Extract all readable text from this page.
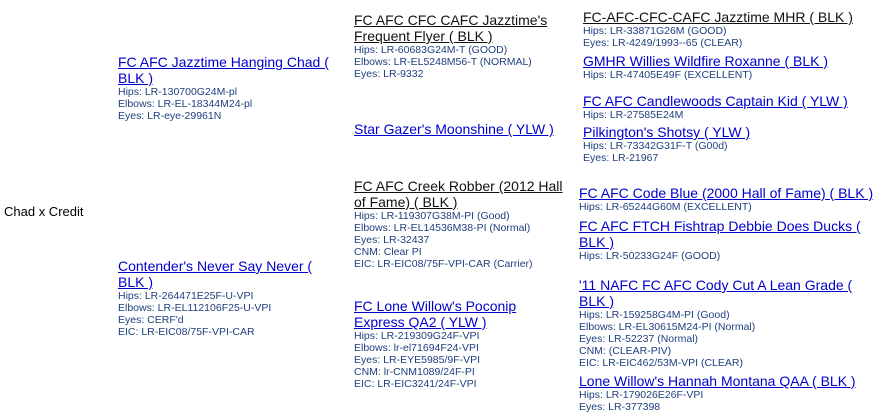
Chad x Credit
FC AFC Jazztime Hanging Chad ( BLK )
Hips: LR-130700G24M-pl
Elbows: LR-EL-18344M24-pl
Eyes: LR-eye-29961N
Contender's Never Say Never ( BLK )
Hips: LR-264471E25F-U-VPI
Elbows: LR-EL112106F25-U-VPI
Eyes: CERF'd
EIC: LR-EIC08/75F-VPI-CAR
FC AFC CFC CAFC Jazztime's Frequent Flyer ( BLK )
Hips: LR-60683G24M-T (GOOD)
Elbows: LR-EL5248M56-T (NORMAL)
Eyes: LR-9332
Star Gazer's Moonshine ( YLW )
FC AFC Creek Robber (2012 Hall of Fame) ( BLK )
Hips: LR-119307G38M-PI (Good)
Elbows: LR-EL14536M38-PI (Normal)
Eyes: LR-32437
CNM: Clear PI
EIC: LR-EIC08/75F-VPI-CAR (Carrier)
FC Lone Willow's Poconip Express QA2 ( YLW )
Hips: LR-219309G24F-VPI
Elbows: lr-el71694F24-VPI
Eyes: LR-EYE5985/9F-VPI
CNM: lr-CNM1089/24F-PI
EIC: LR-EIC3241/24F-VPI
FC-AFC-CFC-CAFC Jazztime MHR ( BLK )
Hips: LR-33871G26M (GOOD)
Eyes: LR-4249/1993--65 (CLEAR)
GMHR Willies Wildfire Roxanne ( BLK )
Hips: LR-47405E49F (EXCELLENT)
FC AFC Candlewoods Captain Kid ( YLW )
Hips: LR-27585E24M
Pilkington's Shotsy ( YLW )
Hips: LR-73342G31F-T (G00d)
Eyes: LR-21967
FC AFC Code Blue (2000 Hall of Fame) ( BLK )
Hips: LR-65244G60M (EXCELLENT)
FC AFC FTCH Fishtrap Debbie Does Ducks ( BLK )
Hips: LR-50233G24F (GOOD)
'11 NAFC FC AFC Cody Cut A Lean Grade ( BLK )
Hips: LR-159258G4M-PI (Good)
Elbows: LR-EL30615M24-PI (Normal)
Eyes: LR-52237 (Normal)
CNM: (CLEAR-PIV)
EIC: LR-EIC462/53M-VPI (CLEAR)
Lone Willow's Hannah Montana QAA ( BLK )
Hips: LR-179026E26F-VPI
Eyes: LR-377398
